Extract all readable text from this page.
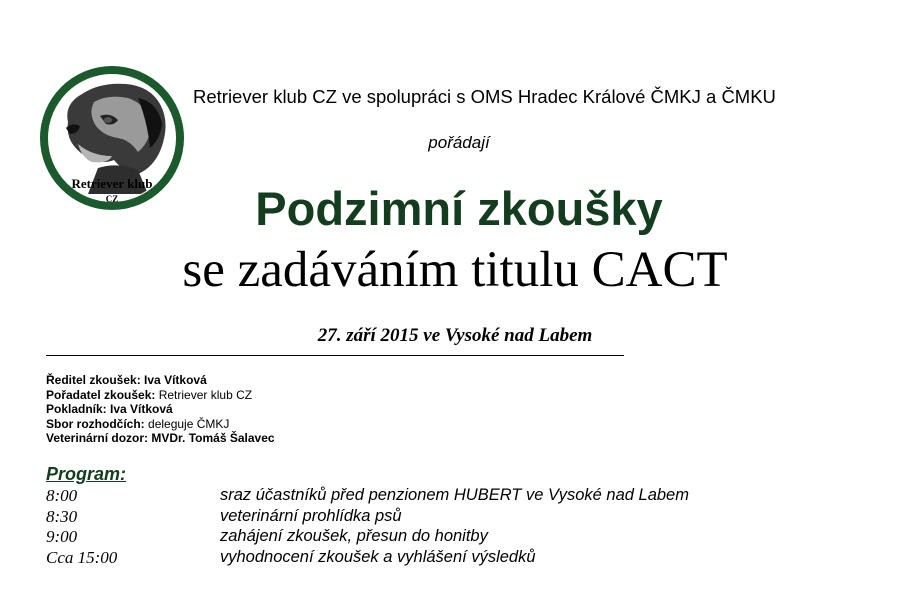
Retriever klub
CZ
Retriever klub CZ ve spolupráci s OMS Hradec Králové ČMKJ a ČMKU
pořádají
Podzimní zkoušky
se zadáváním titulu CACT
27. září 2015 ve Vysoké nad Labem
Ředitel zkoušek: Iva Vítková
Pořadatel zkoušek: Retriever klub CZ
Pokladník: Iva Vítková
Sbor rozhodčích: deleguje ČMKJ
Veterinární dozor: MVDr. Tomáš Šalavec
Program:
8:00	sraz účastníků před penzionem HUBERT ve Vysoké nad Labem
8:30	veterinární prohlídka psů
9:00	zahájení zkoušek, přesun do honitby
Cca 15:00	vyhodnocení zkoušek a vyhlášení výsledků
